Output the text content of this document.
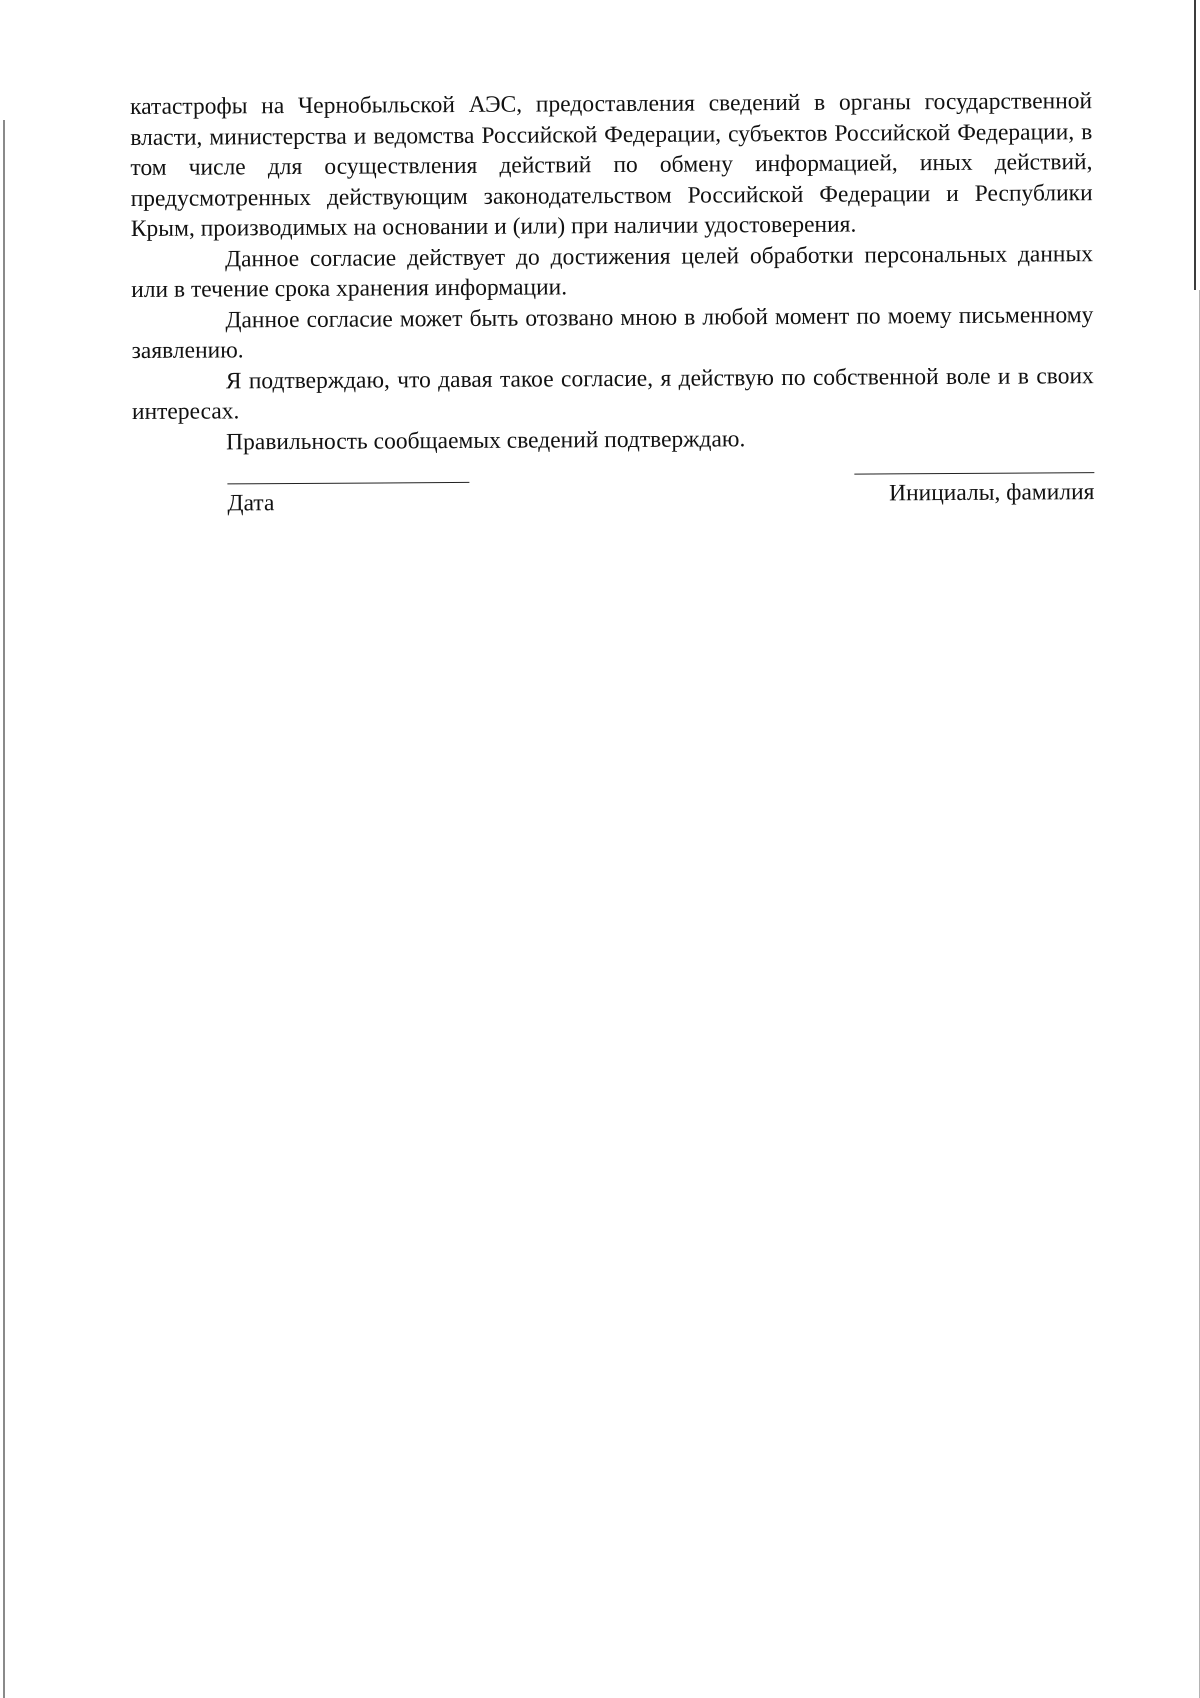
катастрофы на Чернобыльской АЭС, предоставления сведений в органы государственной власти, министерства и ведомства Российской Федерации, субъектов Российской Федерации, в том числе для осуществления действий по обмену информацией, иных действий, предусмотренных действующим законодательством Российской Федерации и Республики Крым, производимых на основании и (или) при наличии удостоверения.

Данное согласие действует до достижения целей обработки персональных данных или в течение срока хранения информации.

Данное согласие может быть отозвано мною в любой момент по моему письменному заявлению.

Я подтверждаю, что давая такое согласие, я действую по собственной воле и в своих интересах.

Правильность сообщаемых сведений подтверждаю.

Дата	Инициалы, фамилия
